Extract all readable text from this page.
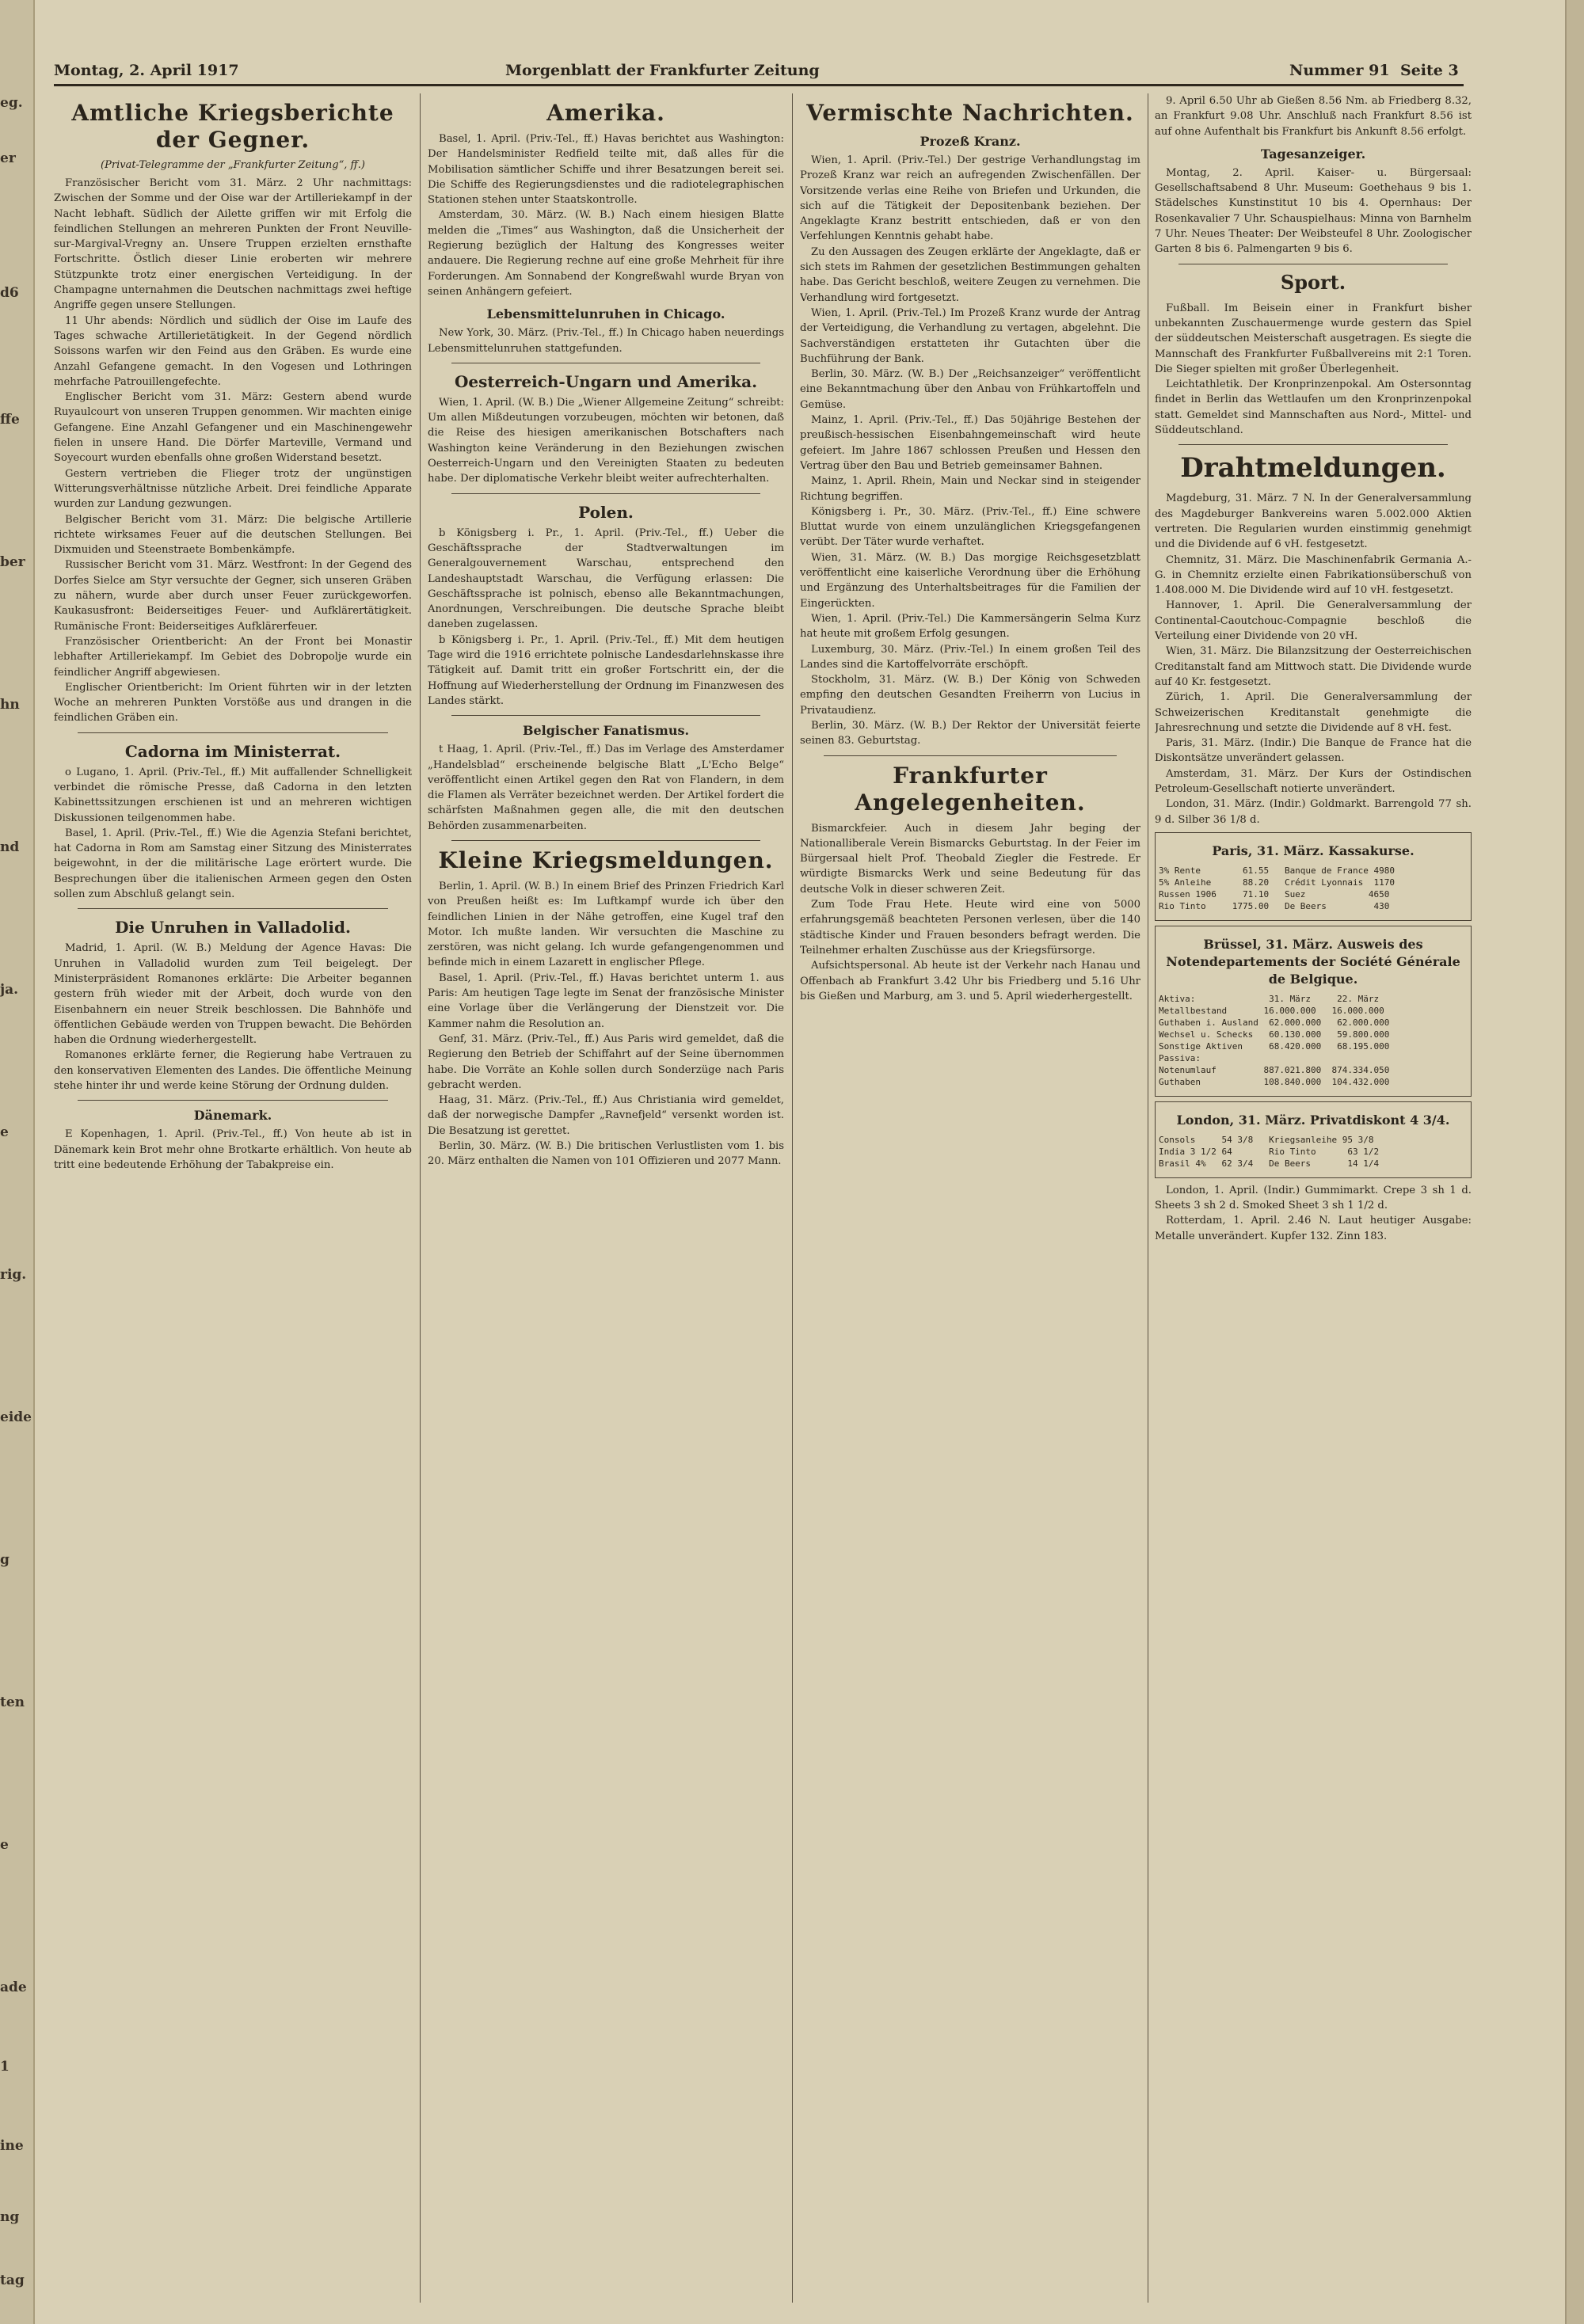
eg.
er
d6
ffe
ber
hn
nd
ja.
e
rig.
eide
g
ten
e
ade
1
ine
ng
tag
Montag, 2. April 1917	Morgenblatt der Frankfurter Zeitung	Nummer 91 Seite 3
Amtliche Kriegsberichte der Gegner.
(Privat-Telegramme der „Frankfurter Zeitung“, ff.)

Französischer Bericht vom 31. März. 2 Uhr nachmittags: Zwischen der Somme und der Oise war der Artilleriekampf in der Nacht lebhaft. Südlich der Ailette griffen wir mit Erfolg die feindlichen Stellungen an mehreren Punkten der Front Neuville-sur-Margival-Vregny an. Unsere Truppen erzielten ernsthafte Fortschritte. Östlich dieser Linie eroberten wir mehrere Stützpunkte trotz einer energischen Verteidigung. In der Champagne unternahmen die Deutschen nachmittags zwei heftige Angriffe gegen unsere Stellungen.

11 Uhr abends: Nördlich und südlich der Oise im Laufe des Tages schwache Artillerietätigkeit. In der Gegend nördlich Soissons warfen wir den Feind aus den Gräben. Es wurde eine Anzahl Gefangene gemacht. In den Vogesen und Lothringen mehrfache Patrouillengefechte.

Englischer Bericht vom 31. März: Gestern abend wurde Ruyaulcourt von unseren Truppen genommen. Wir machten einige Gefangene. Eine Anzahl Gefangener und ein Maschinengewehr fielen in unsere Hand. Die Dörfer Marteville, Vermand und Soyecourt wurden ebenfalls ohne großen Widerstand besetzt.

Gestern vertrieben die Flieger trotz der ungünstigen Witterungsverhältnisse nützliche Arbeit. Drei feindliche Apparate wurden zur Landung gezwungen.

Belgischer Bericht vom 31. März: Die belgische Artillerie richtete wirksames Feuer auf die deutschen Stellungen. Bei Dixmuiden und Steenstraete Bombenkämpfe.

Russischer Bericht vom 31. März. Westfront: In der Gegend des Dorfes Sielce am Styr versuchte der Gegner, sich unseren Gräben zu nähern, wurde aber durch unser Feuer zurückgeworfen. Kaukasusfront: Beiderseitiges Feuer- und Aufklärertätigkeit. Rumänische Front: Beiderseitiges Aufklärerfeuer.

Französischer Orientbericht: An der Front bei Monastir lebhafter Artilleriekampf. Im Gebiet des Dobropolje wurde ein feindlicher Angriff abgewiesen.

Englischer Orientbericht: Im Orient führten wir in der letzten Woche an mehreren Punkten Vorstöße aus und drangen in die feindlichen Gräben ein.

Cadorna im Ministerrat.

o Lugano, 1. April. (Priv.-Tel., ff.) Mit auffallender Schnelligkeit verbindet die römische Presse, daß Cadorna in den letzten Kabinettssitzungen erschienen ist und an mehreren wichtigen Diskussionen teilgenommen habe.

Basel, 1. April. (Priv.-Tel., ff.) Wie die Agenzia Stefani berichtet, hat Cadorna in Rom am Samstag einer Sitzung des Ministerrates beigewohnt, in der die militärische Lage erörtert wurde. Die Besprechungen über die italienischen Armeen gegen den Osten sollen zum Abschluß gelangt sein.

Die Unruhen in Valladolid.

Madrid, 1. April. (W. B.) Meldung der Agence Havas: Die Unruhen in Valladolid wurden zum Teil beigelegt. Der Ministerpräsident Romanones erklärte: Die Arbeiter begannen gestern früh wieder mit der Arbeit, doch wurde von den Eisenbahnern ein neuer Streik beschlossen. Die Bahnhöfe und öffentlichen Gebäude werden von Truppen bewacht. Die Behörden haben die Ordnung wiederhergestellt.

Romanones erklärte ferner, die Regierung habe Vertrauen zu den konservativen Elementen des Landes. Die öffentliche Meinung stehe hinter ihr und werde keine Störung der Ordnung dulden.

Dänemark.

E Kopenhagen, 1. April. (Priv.-Tel., ff.) Von heute ab ist in Dänemark kein Brot mehr ohne Brotkarte erhältlich. Von heute ab tritt eine bedeutende Erhöhung der Tabakpreise ein.

Amerika.

Basel, 1. April. (Priv.-Tel., ff.) Havas berichtet aus Washington: Der Handelsminister Redfield teilte mit, daß alles für die Mobilisation sämtlicher Schiffe und ihrer Besatzungen bereit sei. Die Schiffe des Regierungsdienstes und die radiotelegraphischen Stationen stehen unter Staatskontrolle.

Amsterdam, 30. März. (W. B.) Nach einem hiesigen Blatte melden die „Times“ aus Washington, daß die Unsicherheit der Regierung bezüglich der Haltung des Kongresses weiter andauere. Die Regierung rechne auf eine große Mehrheit für ihre Forderungen. Am Sonnabend der Kongreßwahl wurde Bryan von seinen Anhängern gefeiert.

Lebensmittelunruhen in Chicago.

New York, 30. März. (Priv.-Tel., ff.) In Chicago haben neuerdings Lebensmittelunruhen stattgefunden.

Oesterreich-Ungarn und Amerika.

Wien, 1. April. (W. B.) Die „Wiener Allgemeine Zeitung“ schreibt: Um allen Mißdeutungen vorzubeugen, möchten wir betonen, daß die Reise des hiesigen amerikanischen Botschafters nach Washington keine Veränderung in den Beziehungen zwischen Oesterreich-Ungarn und den Vereinigten Staaten zu bedeuten habe. Der diplomatische Verkehr bleibt weiter aufrechterhalten.

Polen.

b Königsberg i. Pr., 1. April. (Priv.-Tel., ff.) Ueber die Geschäftssprache der Stadtverwaltungen im Generalgouvernement Warschau, entsprechend den Landeshauptstadt Warschau, die Verfügung erlassen: Die Geschäftssprache ist polnisch, ebenso alle Bekanntmachungen, Anordnungen, Verschreibungen. Die deutsche Sprache bleibt daneben zugelassen.

b Königsberg i. Pr., 1. April. (Priv.-Tel., ff.) Mit dem heutigen Tage wird die 1916 errichtete polnische Landesdarlehnskasse ihre Tätigkeit auf. Damit tritt ein großer Fortschritt ein, der die Hoffnung auf Wiederherstellung der Ordnung im Finanzwesen des Landes stärkt.

Belgischer Fanatismus.

t Haag, 1. April. (Priv.-Tel., ff.) Das im Verlage des Amsterdamer „Handelsblad“ erscheinende belgische Blatt „L'Echo Belge“ veröffentlicht einen Artikel gegen den Rat von Flandern, in dem die Flamen als Verräter bezeichnet werden. Der Artikel fordert die schärfsten Maßnahmen gegen alle, die mit den deutschen Behörden zusammenarbeiten.

Kleine Kriegsmeldungen.

Berlin, 1. April. (W. B.) In einem Brief des Prinzen Friedrich Karl von Preußen heißt es: Im Luftkampf wurde ich über den feindlichen Linien in der Nähe getroffen, eine Kugel traf den Motor. Ich mußte landen. Wir versuchten die Maschine zu zerstören, was nicht gelang. Ich wurde gefangengenommen und befinde mich in einem Lazarett in englischer Pflege.

Basel, 1. April. (Priv.-Tel., ff.) Havas berichtet unterm 1. aus Paris: Am heutigen Tage legte im Senat der französische Minister eine Vorlage über die Verlängerung der Dienstzeit vor. Die Kammer nahm die Resolution an.

Genf, 31. März. (Priv.-Tel., ff.) Aus Paris wird gemeldet, daß die Regierung den Betrieb der Schiffahrt auf der Seine übernommen habe. Die Vorräte an Kohle sollen durch Sonderzüge nach Paris gebracht werden.

Haag, 31. März. (Priv.-Tel., ff.) Aus Christiania wird gemeldet, daß der norwegische Dampfer „Ravnefjeld“ versenkt worden ist. Die Besatzung ist gerettet.

Berlin, 30. März. (W. B.) Die britischen Verlustlisten vom 1. bis 20. März enthalten die Namen von 101 Offizieren und 2077 Mann.

Vermischte Nachrichten.
Prozeß Kranz.

Wien, 1. April. (Priv.-Tel.) Der gestrige Verhandlungstag im Prozeß Kranz war reich an aufregenden Zwischenfällen. Der Vorsitzende verlas eine Reihe von Briefen und Urkunden, die sich auf die Tätigkeit der Depositenbank beziehen. Der Angeklagte Kranz bestritt entschieden, daß er von den Verfehlungen Kenntnis gehabt habe.

Zu den Aussagen des Zeugen erklärte der Angeklagte, daß er sich stets im Rahmen der gesetzlichen Bestimmungen gehalten habe. Das Gericht beschloß, weitere Zeugen zu vernehmen. Die Verhandlung wird fortgesetzt.

Wien, 1. April. (Priv.-Tel.) Im Prozeß Kranz wurde der Antrag der Verteidigung, die Verhandlung zu vertagen, abgelehnt. Die Sachverständigen erstatteten ihr Gutachten über die Buchführung der Bank.

Berlin, 30. März. (W. B.) Der „Reichsanzeiger“ veröffentlicht eine Bekanntmachung über den Anbau von Frühkartoffeln und Gemüse.

Mainz, 1. April. (Priv.-Tel., ff.) Das 50jährige Bestehen der preußisch-hessischen Eisenbahngemeinschaft wird heute gefeiert. Im Jahre 1867 schlossen Preußen und Hessen den Vertrag über den Bau und Betrieb gemeinsamer Bahnen.

Mainz, 1. April. Rhein, Main und Neckar sind in steigender Richtung begriffen.

Königsberg i. Pr., 30. März. (Priv.-Tel., ff.) Eine schwere Bluttat wurde von einem unzulänglichen Kriegsgefangenen verübt. Der Täter wurde verhaftet.

Wien, 31. März. (W. B.) Das morgige Reichsgesetzblatt veröffentlicht eine kaiserliche Verordnung über die Erhöhung und Ergänzung des Unterhaltsbeitrages für die Familien der Eingerückten.

Wien, 1. April. (Priv.-Tel.) Die Kammersängerin Selma Kurz hat heute mit großem Erfolg gesungen.

Luxemburg, 30. März. (Priv.-Tel.) In einem großen Teil des Landes sind die Kartoffelvorräte erschöpft.

Stockholm, 31. März. (W. B.) Der König von Schweden empfing den deutschen Gesandten Freiherrn von Lucius in Privataudienz.

Berlin, 30. März. (W. B.) Der Rektor der Universität feierte seinen 83. Geburtstag.

Frankfurter Angelegenheiten.

Bismarckfeier. Auch in diesem Jahr beging der Nationalliberale Verein Bismarcks Geburtstag. In der Feier im Bürgersaal hielt Prof. Theobald Ziegler die Festrede. Er würdigte Bismarcks Werk und seine Bedeutung für das deutsche Volk in dieser schweren Zeit.

Zum Tode Frau Hete. Heute wird eine von 5000 erfahrungsgemäß beachteten Personen verlesen, über die 140 städtische Kinder und Frauen besonders befragt werden. Die Teilnehmer erhalten Zuschüsse aus der Kriegsfürsorge.

Aufsichtspersonal. Ab heute ist der Verkehr nach Hanau und Offenbach ab Frankfurt 3.42 Uhr bis Friedberg und 5.16 Uhr bis Gießen und Marburg, am 3. und 5. April wiederhergestellt.

9. April 6.50 Uhr ab Gießen 8.56 Nm. ab Friedberg 8.32, an Frankfurt 9.08 Uhr. Anschluß nach Frankfurt 8.56 ist auf ohne Aufenthalt bis Frankfurt bis Ankunft 8.56 erfolgt.

Tagesanzeiger.

Montag, 2. April. Kaiser- u. Bürgersaal: Gesellschaftsabend 8 Uhr. Museum: Goethehaus 9 bis 1. Städelsches Kunstinstitut 10 bis 4. Opernhaus: Der Rosenkavalier 7 Uhr. Schauspielhaus: Minna von Barnhelm 7 Uhr. Neues Theater: Der Weibsteufel 8 Uhr. Zoologischer Garten 8 bis 6. Palmengarten 9 bis 6.

Sport.

Fußball. Im Beisein einer in Frankfurt bisher unbekannten Zuschauermenge wurde gestern das Spiel der süddeutschen Meisterschaft ausgetragen. Es siegte die Mannschaft des Frankfurter Fußballvereins mit 2:1 Toren. Die Sieger spielten mit großer Überlegenheit.

Leichtathletik. Der Kronprinzenpokal. Am Ostersonntag findet in Berlin das Wettlaufen um den Kronprinzenpokal statt. Gemeldet sind Mannschaften aus Nord-, Mittel- und Süddeutschland.

Drahtmeldungen.

Magdeburg, 31. März. 7 N. In der Generalversammlung des Magdeburger Bankvereins waren 5.002.000 Aktien vertreten. Die Regularien wurden einstimmig genehmigt und die Dividende auf 6 vH. festgesetzt.

Chemnitz, 31. März. Die Maschinenfabrik Germania A.-G. in Chemnitz erzielte einen Fabrikationsüberschuß von 1.408.000 M. Die Dividende wird auf 10 vH. festgesetzt.

Hannover, 1. April. Die Generalversammlung der Continental-Caoutchouc-Compagnie beschloß die Verteilung einer Dividende von 20 vH.

Wien, 31. März. Die Bilanzsitzung der Oesterreichischen Creditanstalt fand am Mittwoch statt. Die Dividende wurde auf 40 Kr. festgesetzt.

Zürich, 1. April. Die Generalversammlung der Schweizerischen Kreditanstalt genehmigte die Jahresrechnung und setzte die Dividende auf 8 vH. fest.

Paris, 31. März. (Indir.) Die Banque de France hat die Diskontsätze unverändert gelassen.

Amsterdam, 31. März. Der Kurs der Ostindischen Petroleum-Gesellschaft notierte unverändert.

London, 31. März. (Indir.) Goldmarkt. Barrengold 77 sh. 9 d. Silber 36 1/8 d.

Paris, 31. März. Kassakurse.
3% Rente        61.55   Banque de France 4980
5% Anleihe      88.20   Crédit Lyonnais  1170
Russen 1906     71.10   Suez            4650
Rio Tinto     1775.00   De Beers         430
Brüssel, 31. März. Ausweis des Notendepartements der Société Générale de Belgique.
Aktiva:              31. März     22. März
Metallbestand       16.000.000   16.000.000
Guthaben i. Ausland  62.000.000   62.000.000
Wechsel u. Schecks   60.130.000   59.800.000
Sonstige Aktiven     68.420.000   68.195.000
Passiva:
Notenumlauf         887.021.800  874.334.050
Guthaben            108.840.000  104.432.000
London, 31. März. Privatdiskont 4 3/4.
Consols     54 3/8   Kriegsanleihe 95 3/8
India 3 1/2 64       Rio Tinto      63 1/2
Brasil 4%   62 3/4   De Beers       14 1/4

London, 1. April. (Indir.) Gummimarkt. Crepe 3 sh 1 d. Sheets 3 sh 2 d. Smoked Sheet 3 sh 1 1/2 d.

Rotterdam, 1. April. 2.46 N. Laut heutiger Ausgabe: Metalle unverändert. Kupfer 132. Zinn 183.
